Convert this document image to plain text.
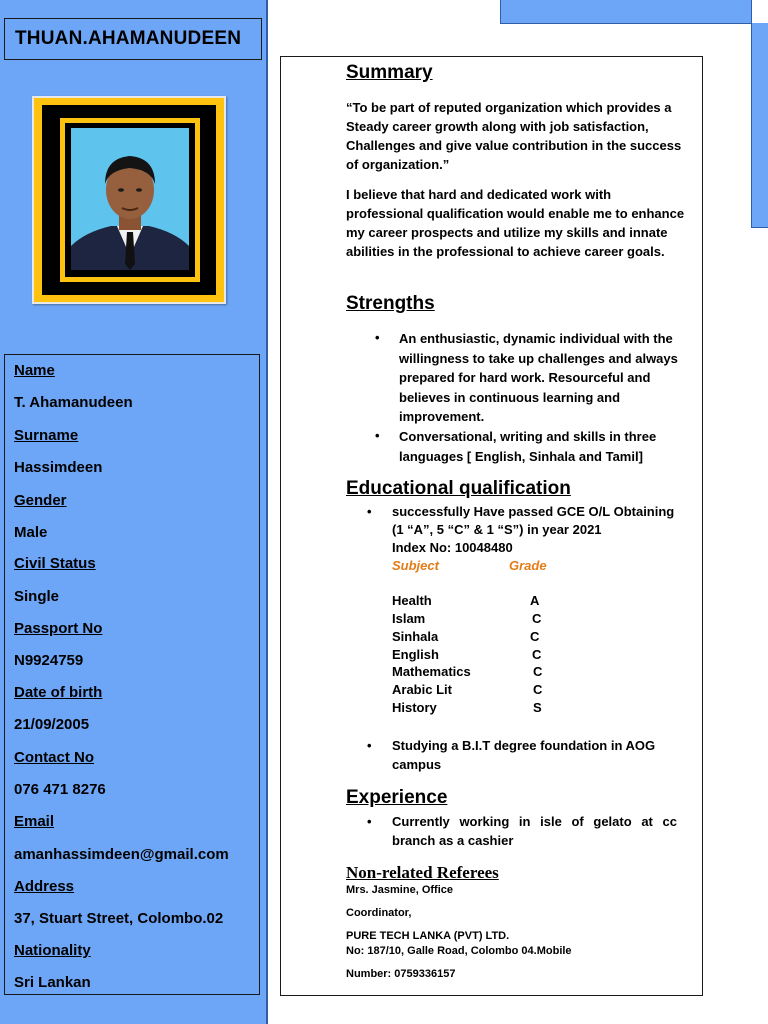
THUAN.AHAMANUDEEN
Name
T. Ahamanudeen
Surname
Hassimdeen
Gender
Male
Civil Status
Single
Passport No
N9924759
Date of birth
21/09/2005
Contact No
076 471 8276
Email
amanhassimdeen@gmail.com
Address
37, Stuart Street, Colombo.02
Nationality
Sri Lankan
Summary
“To be part of reputed organization which provides a Steady career growth along with job satisfaction, Challenges and give value contribution in the success of organization.”
I believe that hard and dedicated work with professional qualification would enable me to enhance my career prospects and utilize my skills and innate abilities in the professional to achieve career goals.
Strengths
• An enthusiastic, dynamic individual with the willingness to take up challenges and always prepared for hard work. Resourceful and believes in continuous learning and improvement.
• Conversational, writing and skills in three languages [ English, Sinhala and Tamil]
Educational qualification
• successfully Have passed GCE O/L Obtaining
(1 “A”, 5 “C” & 1 “S”) in year 2021
Index No: 10048480
Subject	Grade
Health	A
Islam	C
Sinhala	C
English	C
Mathematics	C
Arabic Lit	C
History	S
• Studying a B.I.T degree foundation in AOG
campus
Experience
• Currently working in isle of gelato at cc
branch as a cashier
Non-related Referees
Mrs. Jasmine, Office
Coordinator,
PURE TECH LANKA (PVT) LTD.
No: 187/10, Galle Road, Colombo 04.Mobile
Number: 0759336157
